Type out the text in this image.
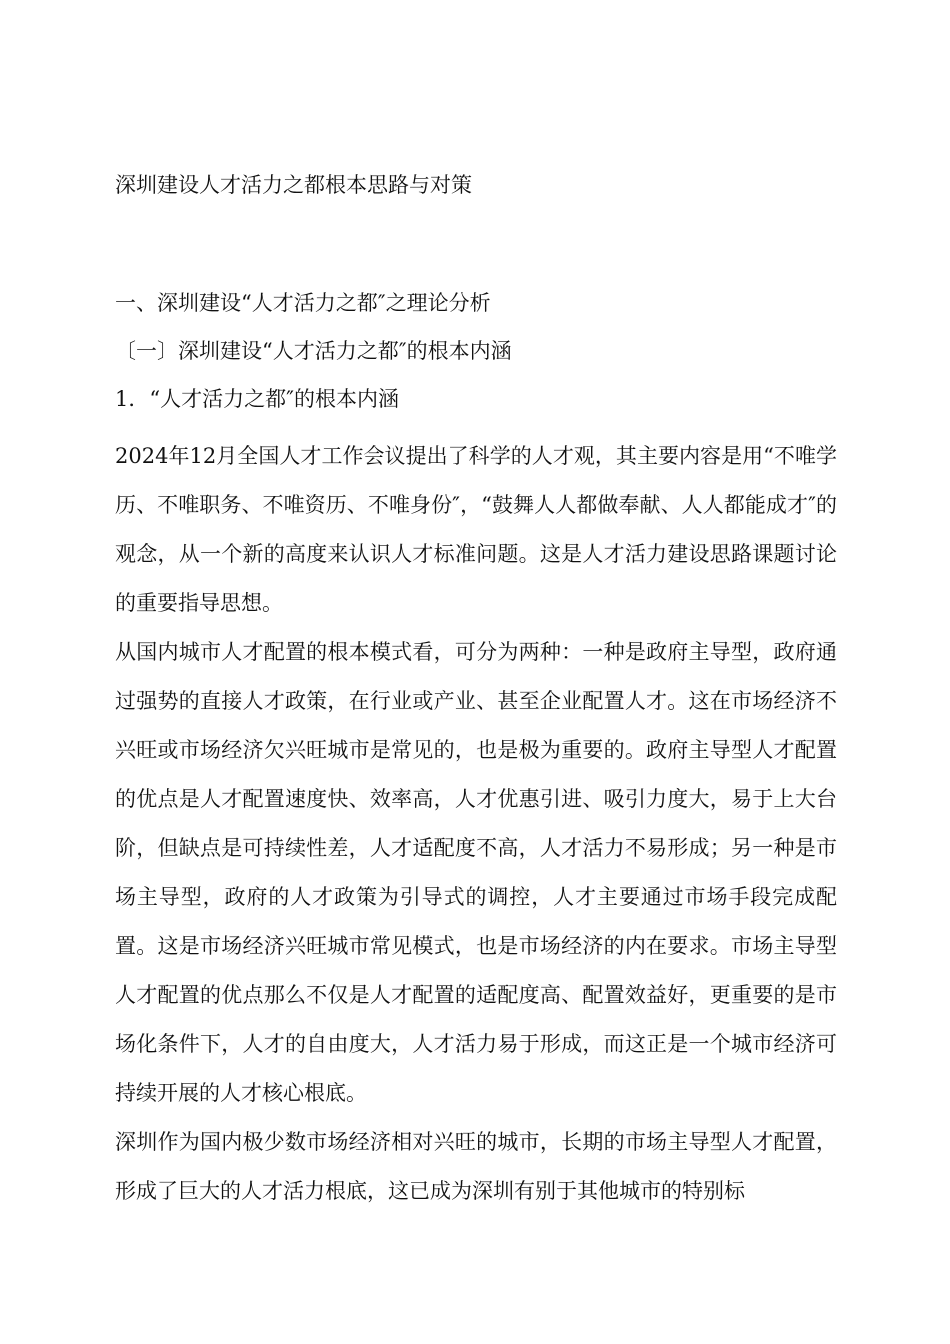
深圳建设人才活力之都根本思路与对策
一、深圳建设“人才活力之都″之理论分析
〔一〕深圳建设“人才活力之都″的根本内涵
1．“人才活力之都″的根本内涵

2024年12月全国人才工作会议提出了科学的人才观，其主要内容是用“不唯学历、不唯职务、不唯资历、不唯身份″，“鼓舞人人都做奉献、人人都能成才″的观念，从一个新的高度来认识人才标准问题。这是人才活力建设思路课题讨论的重要指导思想。

从国内城市人才配置的根本模式看，可分为两种：一种是政府主导型，政府通过强势的直接人才政策，在行业或产业、甚至企业配置人才。这在市场经济不兴旺或市场经济欠兴旺城市是常见的，也是极为重要的。政府主导型人才配置的优点是人才配置速度快、效率高，人才优惠引进、吸引力度大，易于上大台阶，但缺点是可持续性差，人才适配度不高，人才活力不易形成；另一种是市场主导型，政府的人才政策为引导式的调控，人才主要通过市场手段完成配置。这是市场经济兴旺城市常见模式，也是市场经济的内在要求。市场主导型人才配置的优点那么不仅是人才配置的适配度高、配置效益好，更重要的是市场化条件下，人才的自由度大，人才活力易于形成，而这正是一个城市经济可持续开展的人才核心根底。

深圳作为国内极少数市场经济相对兴旺的城市，长期的市场主导型人才配置，形成了巨大的人才活力根底，这已成为深圳有别于其他城市的特别标
